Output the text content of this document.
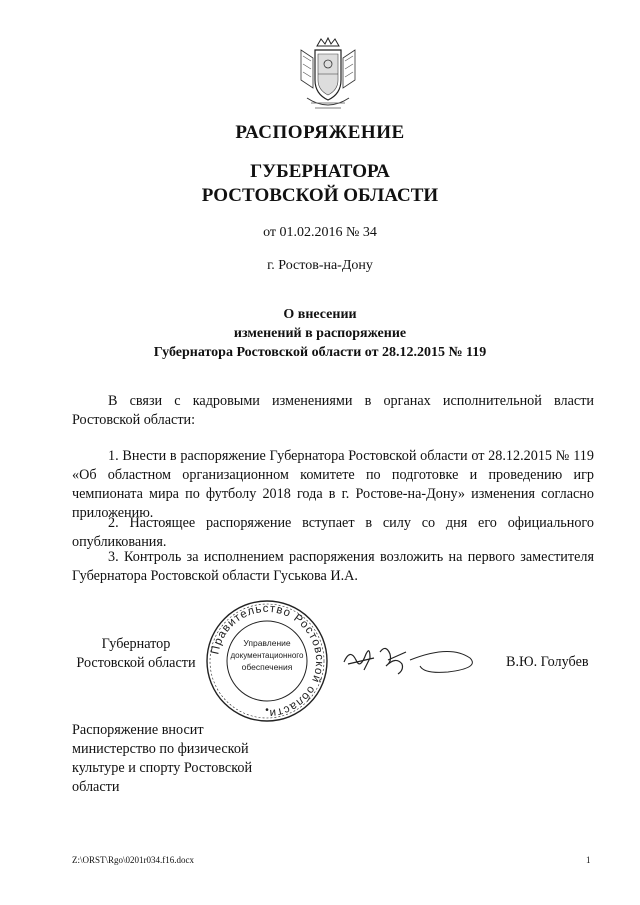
РАСПОРЯЖЕНИЕ
ГУБЕРНАТОРА
РОСТОВСКОЙ ОБЛАСТИ
от 01.02.2016 № 34
г. Ростов-на-Дону
О внесении
изменений в распоряжение
Губернатора Ростовской области от 28.12.2015 № 119
В связи с кадровыми изменениями в органах исполнительной власти Ростовской области:
1. Внести в распоряжение Губернатора Ростовской области от 28.12.2015 № 119 «Об областном организационном комитете по подготовке и проведению игр чемпионата мира по футболу 2018 года в г. Ростове-на-Дону» изменения согласно приложению.
2. Настоящее распоряжение вступает в силу со дня его официального опубликования.
3. Контроль за исполнением распоряжения возложить на первого заместителя Губернатора Ростовской области Гуськова И.А.
Губернатор
Ростовской области
Правительство Ростовской области
Управление
документационного
обеспечения
•
В.Ю. Голубев
Распоряжение вносит
министерство по физической
культуре и спорту Ростовской
области
Z:\ORST\Rgo\0201r034.f16.docx	1
